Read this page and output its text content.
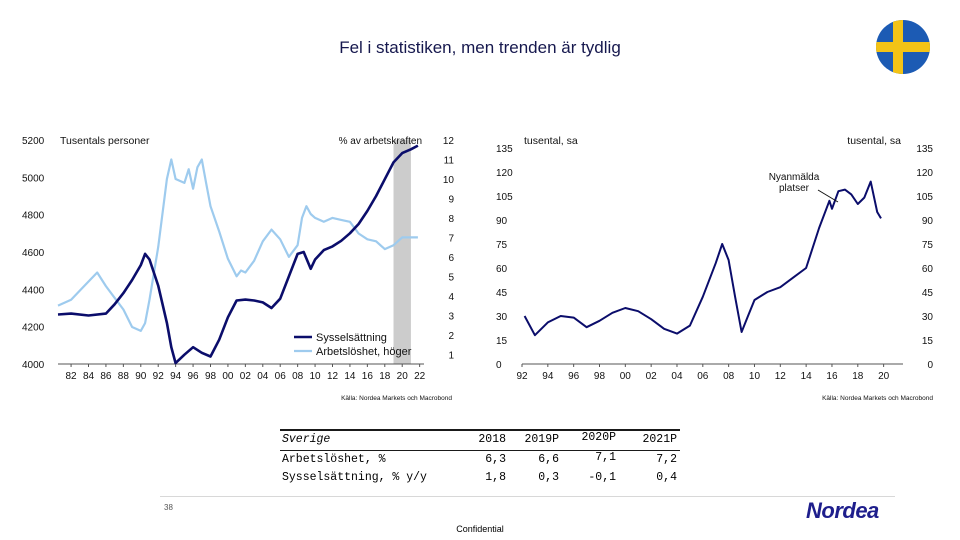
Fel i statistiken, men trenden är tydlig
4000
4200
4400
4600
4800
5000
5200
1
2
3
4
5
6
7
8
9
10
11
12
82 84 86 88 90 92 94 96 98 00 02 04 06 08 10 12 14 16 18 20 22
Tusentals personer	% av arbetskraften
Sysselsättning
Arbetslöshet, höger
Källa: Nordea Markets och Macrobond
0	0
15	15
30	30
45	45
60	60
75	75
90	90
105	105
120	120
135	135
92 94 96 98 00 02 04 06 08 10 12 14 16 18 20
tusental, sa	tusental, sa
Nyanmälda
platser
Källa: Nordea Markets och Macrobond
Sverige	2018 2019P 2020P 2021P
Arbetslöshet, %	6,3	6,6	7,1	7,2
Sysselsättning, % y/y	1,8	0,3	-0,1	0,4
38
Confidential
Nordea
